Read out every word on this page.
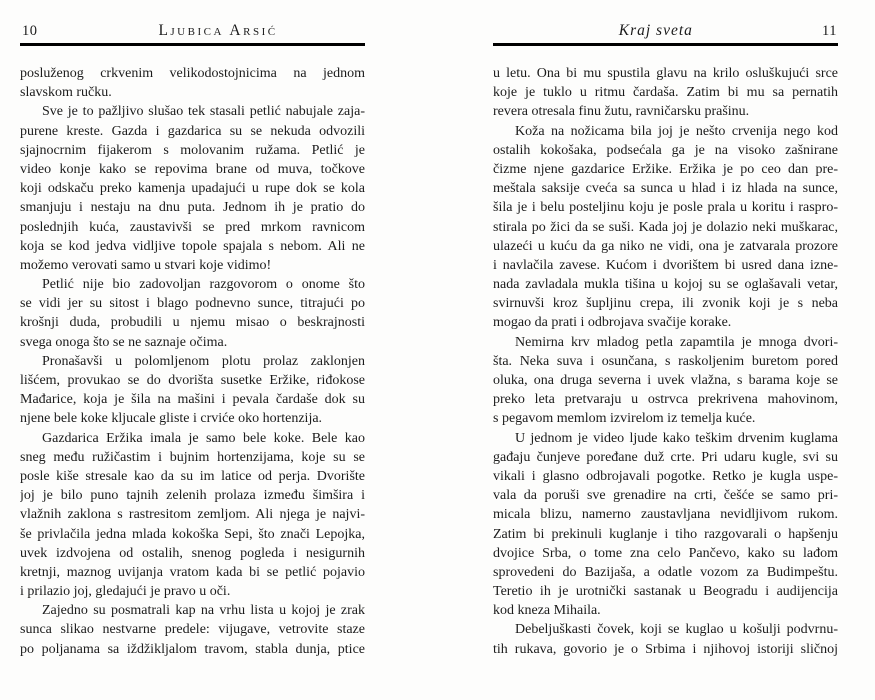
10	Ljubica Arsić
posluženog crkvenim velikodostojnicima na jednom
slavskom ručku.
Sve je to pažljivo slušao tek stasali petlić nabujale zaja-
purene kreste. Gazda i gazdarica su se nekuda odvozili
sjajnocrnim fijakerom s molovanim ružama. Petlić je
video konje kako se repovima brane od muva, točkove
koji odskaču preko kamenja upadajući u rupe dok se kola
smanjuju i nestaju na dnu puta. Jednom ih je pratio do
poslednjih kuća, zaustavivši se pred mrkom ravnicom
koja se kod jedva vidljive topole spajala s nebom. Ali ne
možemo verovati samo u stvari koje vidimo!
Petlić nije bio zadovoljan razgovorom o onome što
se vidi jer su sitost i blago podnevno sunce, titrajući po
krošnji duda, probudili u njemu misao o beskrajnosti
svega onoga što se ne saznaje očima.
Pronašavši u polomljenom plotu prolaz zaklonjen
lišćem, provukao se do dvorišta susetke Eržike, riđokose
Mađarice, koja je šila na mašini i pevala čardaše dok su
njene bele koke kljucale gliste i crviće oko hortenzija.
Gazdarica Eržika imala je samo bele koke. Bele kao
sneg među ružičastim i bujnim hortenzijama, koje su se
posle kiše stresale kao da su im latice od perja. Dvorište
joj je bilo puno tajnih zelenih prolaza između šimšira i
vlažnih zaklona s rastresitom zemljom. Ali njega je najvi-
še privlačila jedna mlada kokoška Sepi, što znači Lepojka,
uvek izdvojena od ostalih, snenog pogleda i nesigurnih
kretnji, maznog uvijanja vratom kada bi se petlić pojavio
i prilazio joj, gledajući je pravo u oči.
Zajedno su posmatrali kap na vrhu lista u kojoj je zrak
sunca slikao nestvarne predele: vijugave, vetrovite staze
po poljanama sa iždžikljalom travom, stabla dunja, ptice
Kraj sveta	11
u letu. Ona bi mu spustila glavu na krilo osluškujući srce
koje je tuklo u ritmu čardaša. Zatim bi mu sa pernatih
revera otresala finu žutu, ravničarsku prašinu.
Koža na nožicama bila joj je nešto crvenija nego kod
ostalih kokošaka, podsećala ga je na visoko zašnirane
čizme njene gazdarice Eržike. Eržika je po ceo dan pre-
meštala saksije cveća sa sunca u hlad i iz hlada na sunce,
šila je i belu posteljinu koju je posle prala u koritu i raspro-
stirala po žici da se suši. Kada joj je dolazio neki muškarac,
ulazeći u kuću da ga niko ne vidi, ona je zatvarala prozore
i navlačila zavese. Kućom i dvorištem bi usred dana izne-
nada zavladala mukla tišina u kojoj su se oglašavali vetar,
svirnuvši kroz šupljinu crepa, ili zvonik koji je s neba
mogao da prati i odbrojava svačije korake.
Nemirna krv mladog petla zapamtila je mnoga dvori-
šta. Neka suva i osunčana, s raskoljenim buretom pored
oluka, ona druga severna i uvek vlažna, s barama koje se
preko leta pretvaraju u ostrvca prekrivena mahovinom,
s pegavom memlom izvirelom iz temelja kuće.
U jednom je video ljude kako teškim drvenim kuglama
gađaju čunjeve poređane duž crte. Pri udaru kugle, svi su
vikali i glasno odbrojavali pogotke. Retko je kugla uspe-
vala da poruši sve grenadire na crti, češće se samo pri-
micala blizu, namerno zaustavljana nevidljivom rukom.
Zatim bi prekinuli kuglanje i tiho razgovarali o hapšenju
dvojice Srba, o tome zna celo Pančevo, kako su lađom
sprovedeni do Bazijaša, a odatle vozom za Budimpeštu.
Teretio ih je urotnički sastanak u Beogradu i audijencija
kod kneza Mihaila.
Debeljuškasti čovek, koji se kuglao u košulji podvrnu-
tih rukava, govorio je o Srbima i njihovoj istoriji sličnoj
